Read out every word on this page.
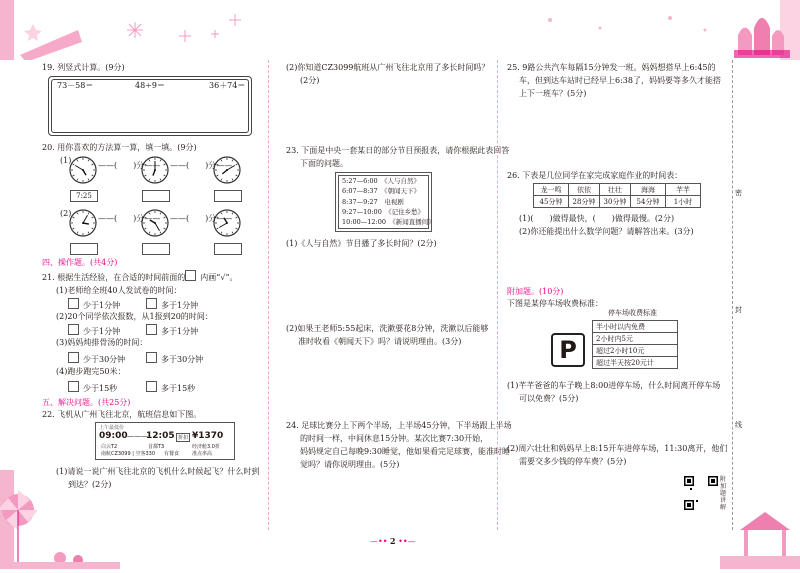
密
封
线
19. 列竖式计算。(9分)
73－58＝	48÷9＝	36＋74＝
20. 用你喜欢的方法算一算，填一填。(9分)
(1)
(2)
——(　　)分—— ——(　　)分——
——(　　)分—— ——(　　)分——
7:25
四、操作题。(共4分)
21. 根据生活经验，在合适的时间前面的 内画“√”。
(1)老师给全班40人发试卷的时间：
少于1分钟	多于1分钟
(2)20个同学依次报数，从1报到20的时间：
少于1分钟	多于1分钟
(3)妈妈炖排骨汤的时间：
少于30分钟	多于30分钟
(4)跑步跑完50米：
少于15秒	多于15秒
五、解决问题。(共25分)
22. 飞机从广州飞往北京，航班信息如下图。
上午最低价
09:00 ———
12:05 折扣 ¥1370
白云T2	首都T3	经济舱3.0折
南航CZ3099 | 空客330 有餐食	准点率高
(1)请说一说广州飞往北京的飞机什么时候起飞？什么时到
到达？(2分)
(2)你知道CZ3099航班从广州飞往北京用了多长时间吗？
(2分)
23. 下面是中央一套某日的部分节目预报表，请你根据此表回答
下面的问题。
5:27—6:00　《人与自然》
6:07—8:37　《朝闻天下》
8:37—9:27　电视剧
9:27—10:00　《记住乡愁》
10:00—12:00　《新闻直播间》
(1)《人与自然》节目播了多长时间？(2分)
(2)如果王老师5:55起床，洗漱要花8分钟，洗漱以后能够
准时收看《朝闻天下》吗？请说明理由。(3分)
24. 足球比赛分上下两个半场，上半场45分钟，下半场跟上半场
的时间一样，中间休息15分钟。某次比赛7:30开始，
妈妈规定自己每晚9:30睡觉，他如果看完足球赛，能准时睡
觉吗？请你说明理由。(5分)
25. 9路公共汽车每隔15分钟发一班。妈妈想搭早上6:45的
车，但到达车站时已经早上6:38了，妈妈要等多久才能搭
上下一班车？(5分)
26. 下表是几位同学在家完成家庭作业的时间表：
龙一鸣	依依	壮壮	海海	芊芊
45分钟	28分钟	30分钟	54分钟	1小时
(1)(　　)做得最快，(　　)做得最慢。(2分)
(2)你还能提出什么数学问题？请解答出来。(3分)
附加题。(10分)
下图是某停车场收费标准：
P
停车场收费标准
半小时以内免费
2小时内5元
超过2小时10元
超过半天按20元计
(1)芊芊爸爸的车子晚上8:00进停车场，什么时间离开停车场
可以免费？(5分)
(2)周六壮壮和妈妈早上8:15开车进停车场，11:30离开，他们
需要交多少钱的停车费？(5分)
附加题讲解
—•• 2 ••—
